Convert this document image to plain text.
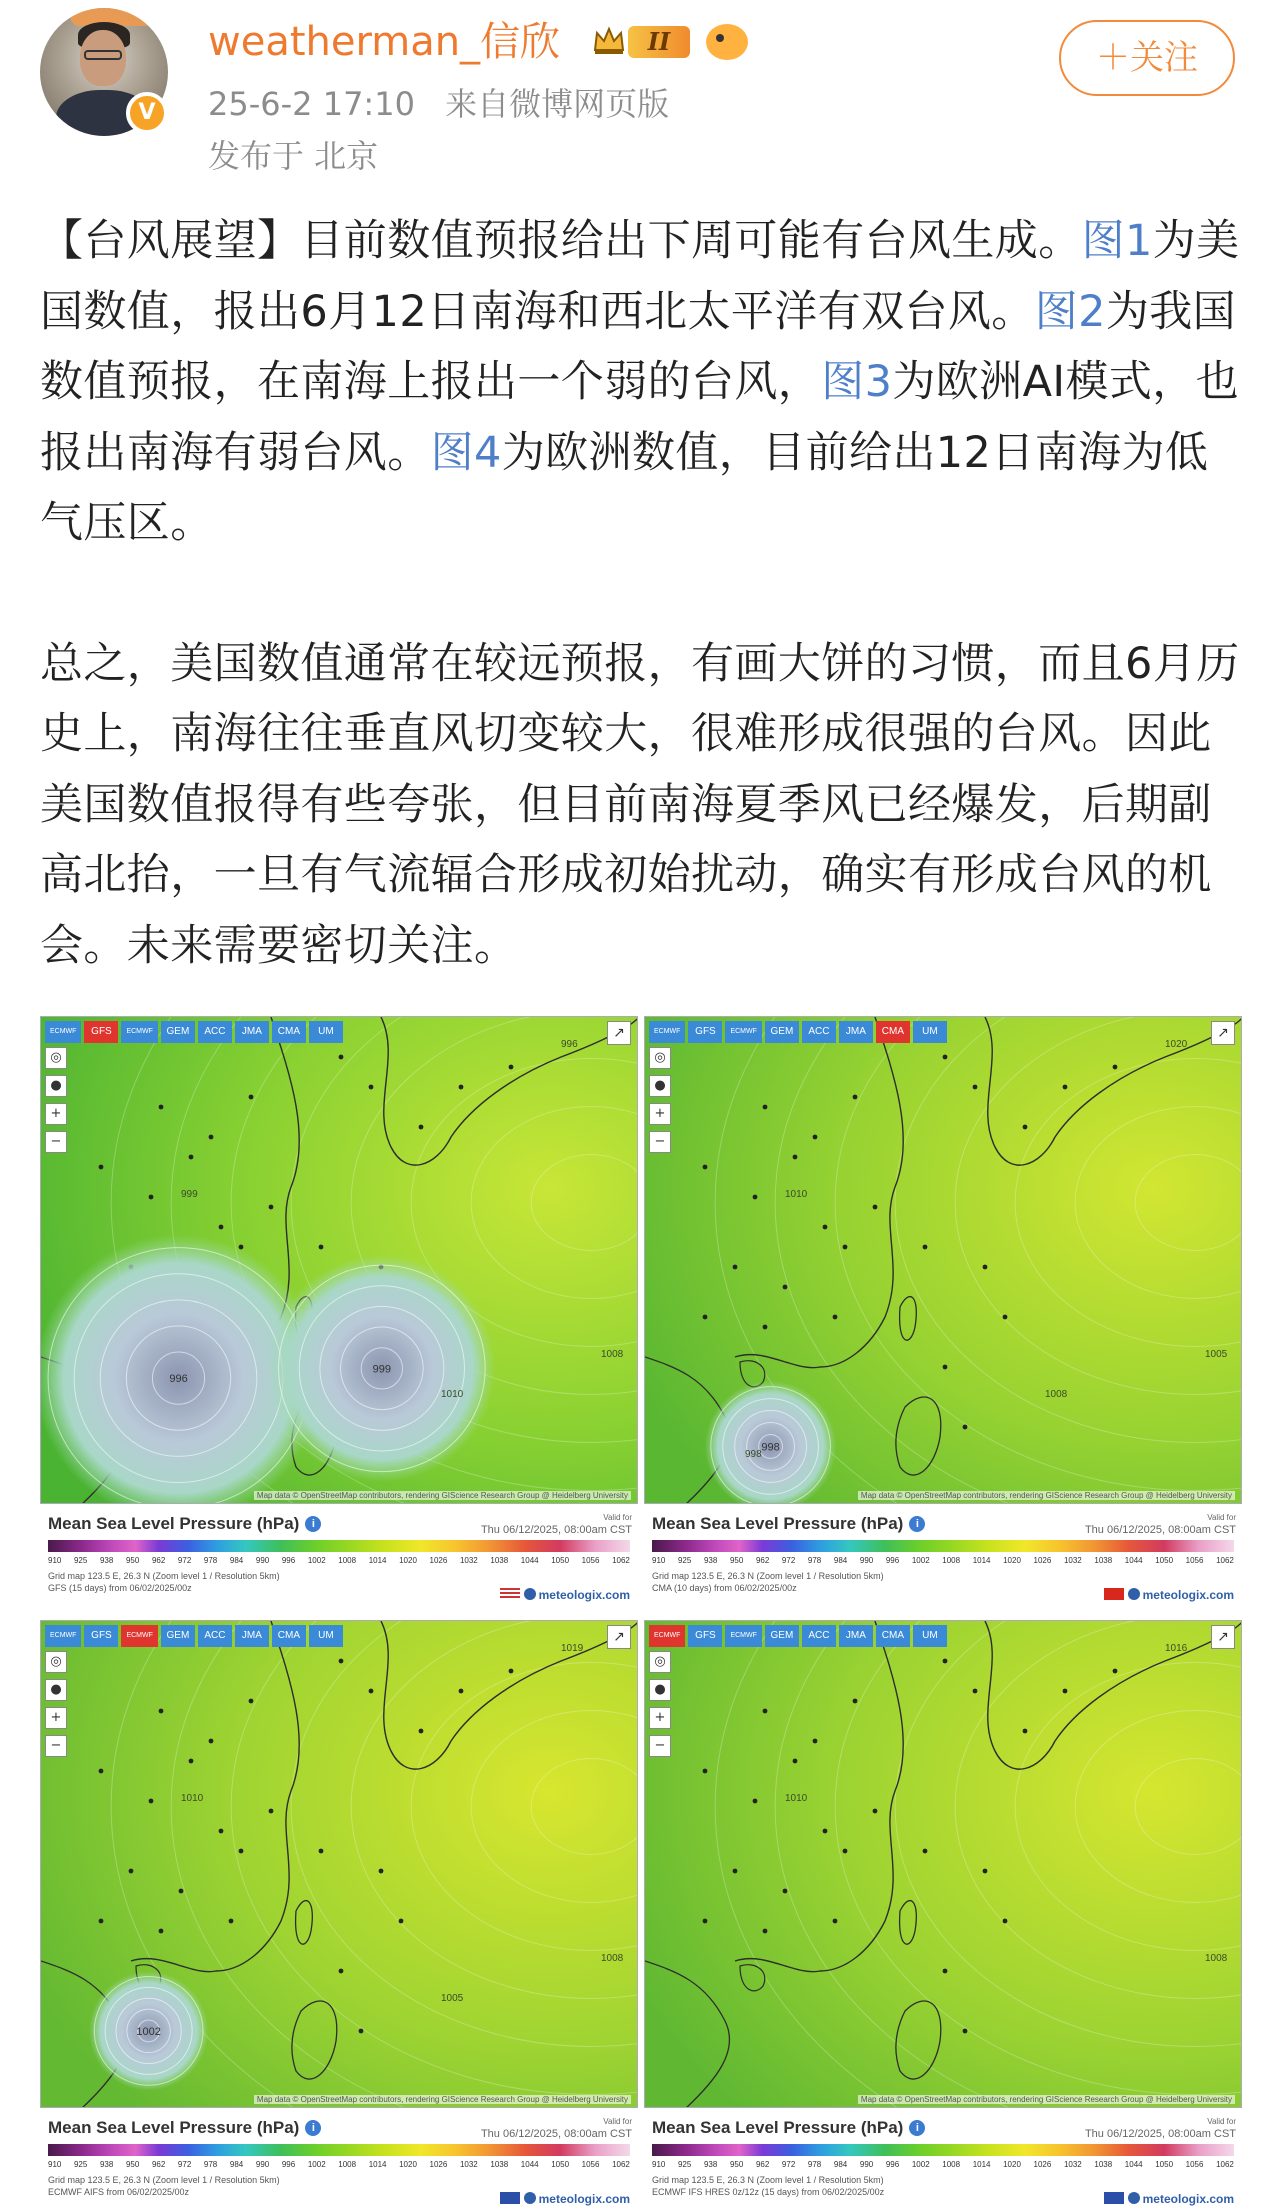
V
weatherman_信欣	II
25-6-2 17:10 来自微博网页版
发布于 北京
＋关注

【台风展望】目前数值预报给出下周可能有台风生成。图1为美国数值，报出6月12日南海和西北太平洋有双台风。图2为我国数值预报，在南海上报出一个弱的台风，图3为欧洲AI模式，也报出南海有弱台风。图4为欧洲数值，目前给出12日南海为低气压区。

总之，美国数值通常在较远预报，有画大饼的习惯，而且6月历史上，南海往往垂直风切变较大，很难形成很强的台风。因此美国数值报得有些夸张，但目前南海夏季风已经爆发，后期副高北抬，一旦有气流辐合形成初始扰动，确实有形成台风的机会。未来需要密切关注。

996
999
996
999
1008
1010
ECMWF	GFS	ECMWF	GEM	ACC	JMA	CMA	UM
◎
●
+
−
↗
Map data © OpenStreetMap contributors, rendering GIScience Research Group @ Heidelberg University
Mean Sea Level Pressure (hPa) i
Valid for
Thu 06/12/2025, 08:00am CST
910 925 938 950 962 972 978 984 990 996 1002 1008 1014 1020 1026 1032 1038 1044 1050 1056 1062
Grid map 123.5 E, 26.3 N (Zoom level 1 / Resolution 5km)
GFS (15 days) from 06/02/2025/00z	meteologix.com
998
1020
1010
1005
1008
998
ECMWF	GFS	ECMWF	GEM	ACC	JMA	CMA	UM
◎
●
+
−
↗
Map data © OpenStreetMap contributors, rendering GIScience Research Group @ Heidelberg University
Mean Sea Level Pressure (hPa) i
Valid for
Thu 06/12/2025, 08:00am CST
910 925 938 950 962 972 978 984 990 996 1002 1008 1014 1020 1026 1032 1038 1044 1050 1056 1062
Grid map 123.5 E, 26.3 N (Zoom level 1 / Resolution 5km)
CMA (10 days) from 06/02/2025/00z	meteologix.com
1002
1019
1010
1008
1005
ECMWF	GFS	ECMWF	GEM	ACC	JMA	CMA	UM
◎
●
+
−
↗
Map data © OpenStreetMap contributors, rendering GIScience Research Group @ Heidelberg University
Mean Sea Level Pressure (hPa) i
Valid for
Thu 06/12/2025, 08:00am CST
910 925 938 950 962 972 978 984 990 996 1002 1008 1014 1020 1026 1032 1038 1044 1050 1056 1062
Grid map 123.5 E, 26.3 N (Zoom level 1 / Resolution 5km)
ECMWF AIFS from 06/02/2025/00z	meteologix.com
1016
1010
1008
ECMWF	GFS	ECMWF	GEM	ACC	JMA	CMA	UM
◎
●
+
−
↗
Map data © OpenStreetMap contributors, rendering GIScience Research Group @ Heidelberg University
Mean Sea Level Pressure (hPa) i
Valid for
Thu 06/12/2025, 08:00am CST
910 925 938 950 962 972 978 984 990 996 1002 1008 1014 1020 1026 1032 1038 1044 1050 1056 1062
Grid map 123.5 E, 26.3 N (Zoom level 1 / Resolution 5km)
ECMWF IFS HRES 0z/12z (15 days) from 06/02/2025/00z	meteologix.com
